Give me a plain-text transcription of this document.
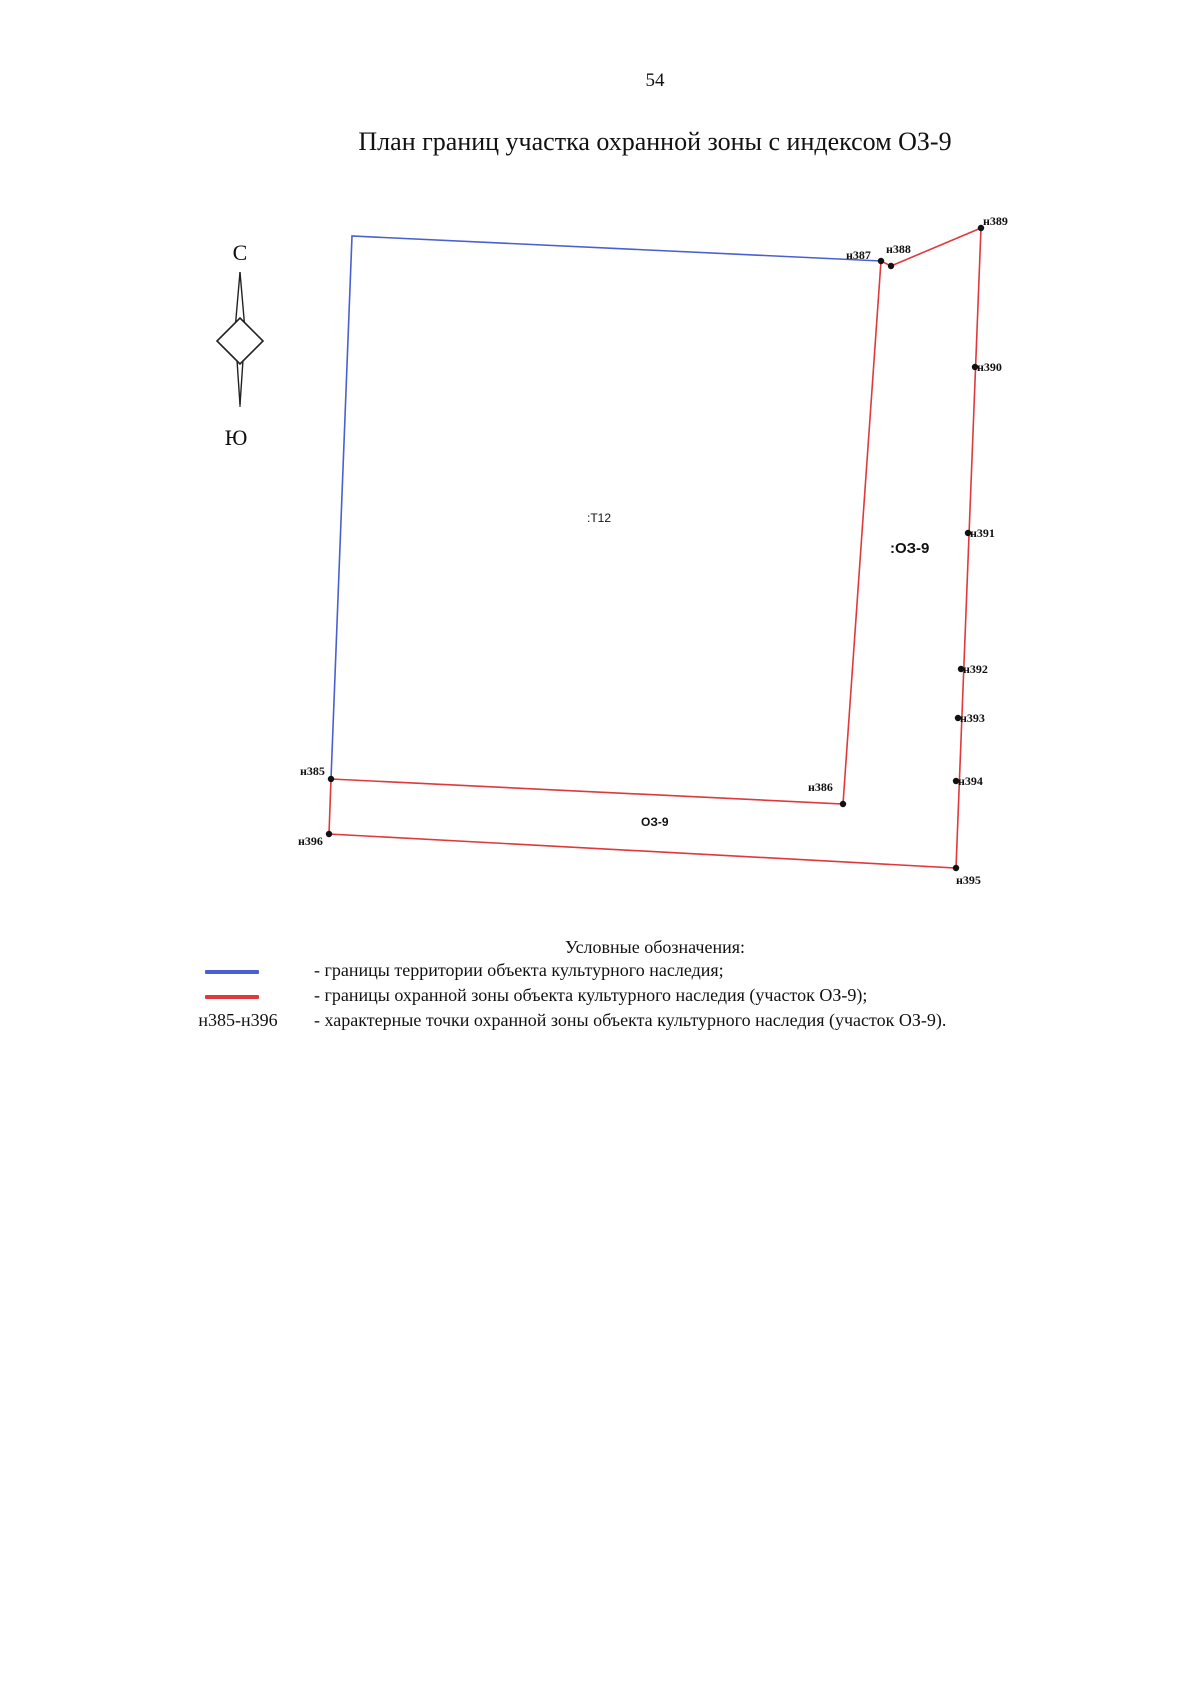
54
План границ участка охранной зоны с индексом ОЗ-9
С
Ю
н385
н386
н387 н388
н389
н390
н391
н392
н393
н394
н395
н396
:ОЗ-9
ОЗ-9
:Т12
Условные обозначения:
- границы территории объекта культурного наследия;
- границы охранной зоны объекта культурного наследия (участок ОЗ-9);
н385-н396	- характерные точки охранной зоны объекта культурного наследия (участок ОЗ-9).
